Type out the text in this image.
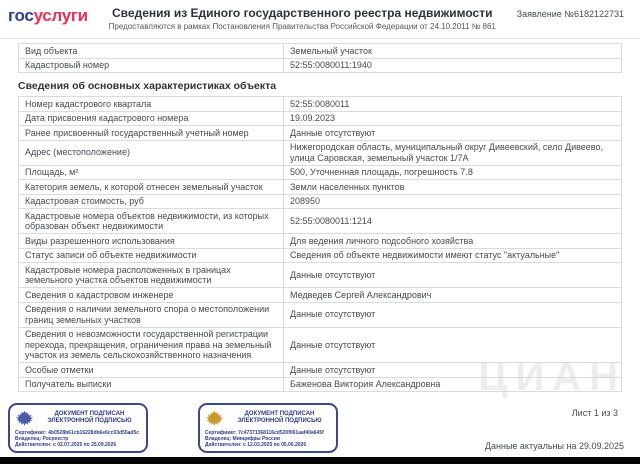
госуслуги	Сведения из Единого государственного реестра недвижимости
Предоставляются в рамках Постановления Правительства Российской Федерации от 24.10.2011 № 861
Заявление №6182122731
Вид объекта	Земельный участок
Кадастровый номер	52:55:0080011:1940
Сведения об основных характеристиках объекта
Номер кадастрового квартала	52:55:0080011
Дата присвоения кадастрового номера	19.09.2023
Ранее присвоенный государственный учетный номер	Данные отсутствуют
Адрес (местоположение)	Нижегородская область, муниципальный округ Дивеевский, село Дивеево, улица Саровская, земельный участок 1/7А
Площадь, м²	500, Уточненная площадь, погрешность 7.8
Категория земель, к которой отнесен земельный участок	Земли населенных пунктов
Кадастровая стоимость, руб	208950
Кадастровые номера объектов недвижимости, из которых образован объект недвижимости	52:55:0080011:1214
Виды разрешенного использования	Для ведения личного подсобного хозяйства
Статус записи об объекте недвижимости	Сведения об объекте недвижимости имеют статус "актуальные"
Кадастровые номера расположенных в границах земельного участка объектов недвижимости	Данные отсутствуют
Сведения о кадастровом инженере	Медведев Сергей Александрович
Сведения о наличии земельного спора о местоположении границ земельных участков	Данные отсутствуют
Сведения о невозможности государственной регистрации перехода, прекращения, ограничения права на земельный участок из земель сельскохозяйственного назначения	Данные отсутствуют
Особые отметки	Данные отсутствуют
Получатель выписки	Баженова Виктория Александровна ЦИАН
ДОКУМЕНТ ПОДПИСАН ЭЛЕКТРОННОЙ ПОДПИСЬЮ
Сертификат: 4b0528b61cb16228db6e6cc03d55ad5c
Владелец: Росреестр
Действителен: с 02.07.2025 по 25.09.2026
ДОКУМЕНТ ПОДПИСАН ЭЛЕКТРОННОЙ ПОДПИСЬЮ
Сертификат: 7c47371368116cd520f061aaf40a645f
Владелец: Минцифры России
Действителен: с 12.03.2025 по 05.06.2026
Лист 1 из 3
Данные актуальны на 29.09.2025
